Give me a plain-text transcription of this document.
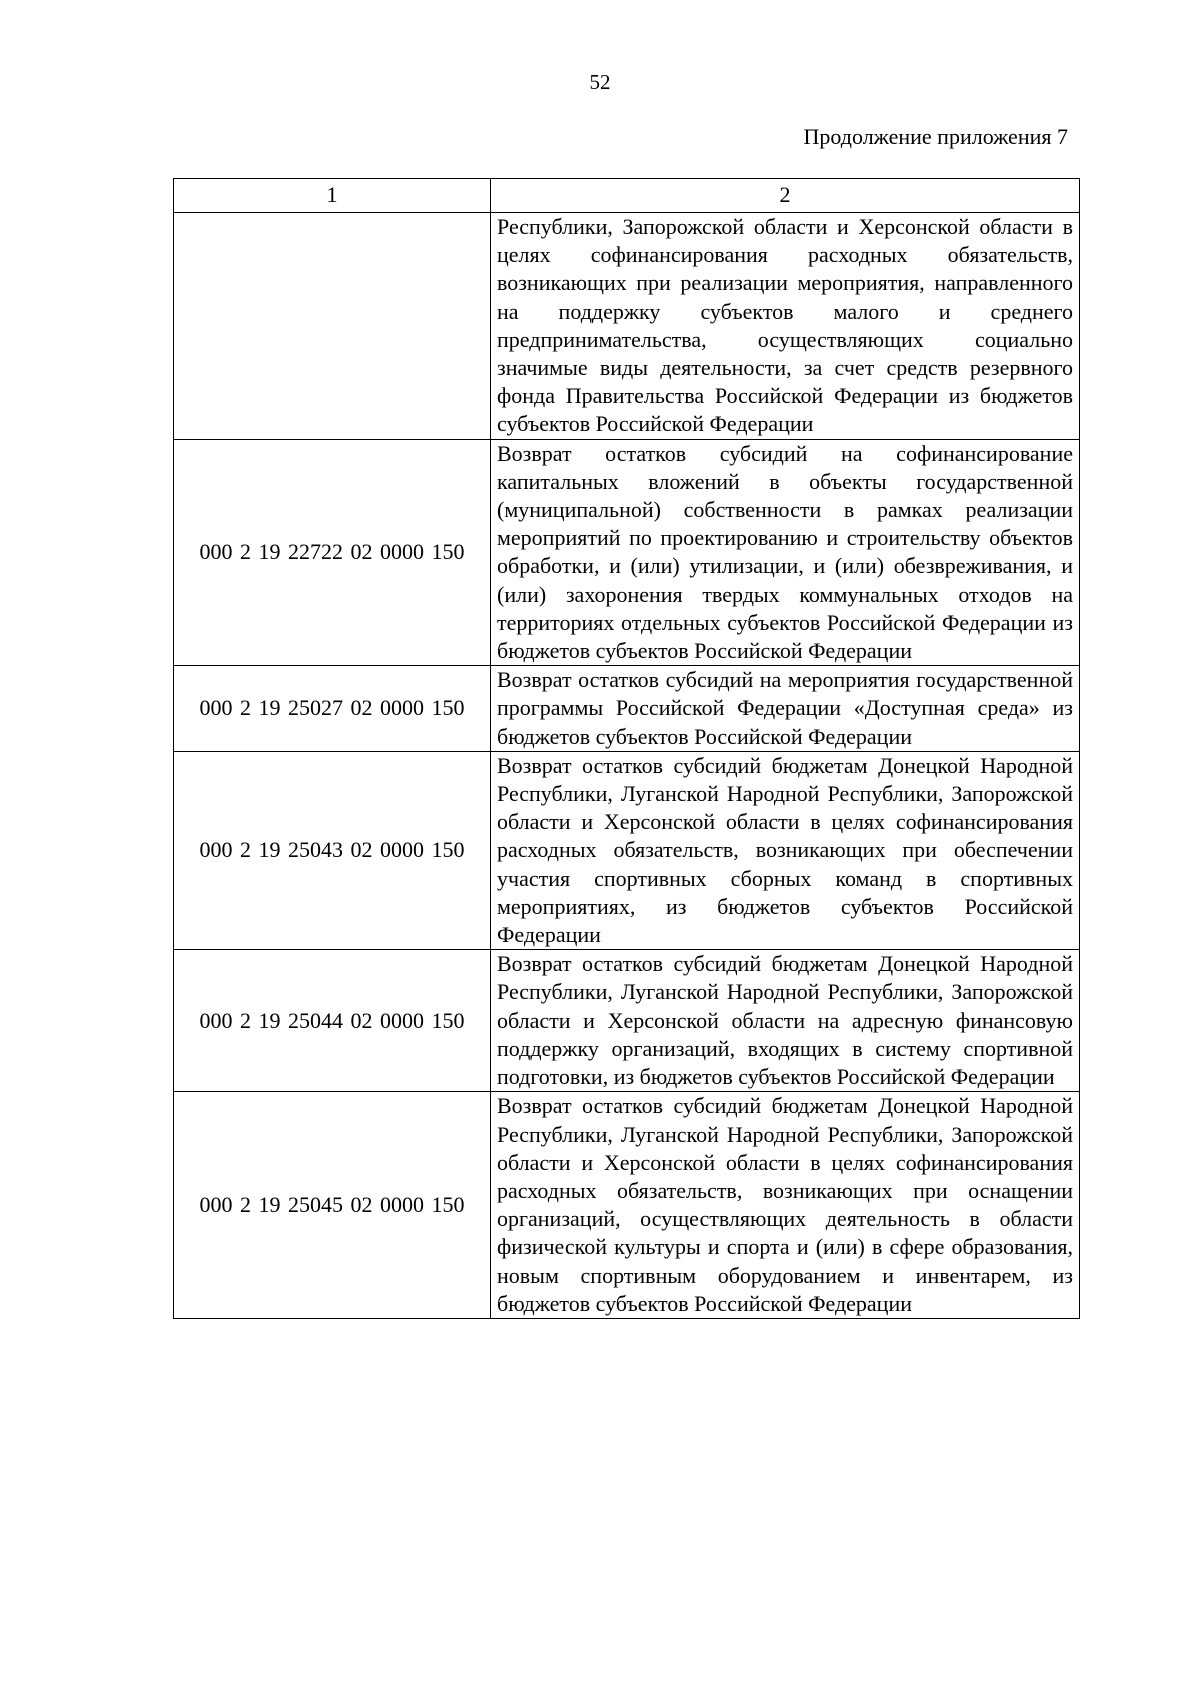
52
Продолжение приложения 7
1	2
	Республики, Запорожской области и Херсонской области в целях софинансирования расходных обязательств, возникающих при реализации мероприятия, направленного на поддержку субъектов малого и среднего предпринимательства, осуществляющих социально значимые виды деятельности, за счет средств резервного фонда Правительства Российской Федерации из бюджетов субъектов Российской Федерации
000 2 19 22722 02 0000 150	Возврат остатков субсидий на софинансирование капитальных вложений в объекты государственной (муниципальной) собственности в рамках реализации мероприятий по проектированию и строительству объектов обработки, и (или) утилизации, и (или) обезвреживания, и (или) захоронения твердых коммунальных отходов на территориях отдельных субъектов Российской Федерации из бюджетов субъектов Российской Федерации
000 2 19 25027 02 0000 150	Возврат остатков субсидий на мероприятия государственной программы Российской Федерации «Доступная среда» из бюджетов субъектов Российской Федерации
000 2 19 25043 02 0000 150	Возврат остатков субсидий бюджетам Донецкой Народной Республики, Луганской Народной Республики, Запорожской области и Херсонской области в целях софинансирования расходных обязательств, возникающих при обеспечении участия спортивных сборных команд в спортивных мероприятиях, из бюджетов субъектов Российской Федерации
000 2 19 25044 02 0000 150	Возврат остатков субсидий бюджетам Донецкой Народной Республики, Луганской Народной Республики, Запорожской области и Херсонской области на адресную финансовую поддержку организаций, входящих в систему спортивной подготовки, из бюджетов субъектов Российской Федерации
000 2 19 25045 02 0000 150	Возврат остатков субсидий бюджетам Донецкой Народной Республики, Луганской Народной Республики, Запорожской области и Херсонской области в целях софинансирования расходных обязательств, возникающих при оснащении организаций, осуществляющих деятельность в области физической культуры и спорта и (или) в сфере образования, новым спортивным оборудованием и инвентарем, из бюджетов субъектов Российской Федерации
